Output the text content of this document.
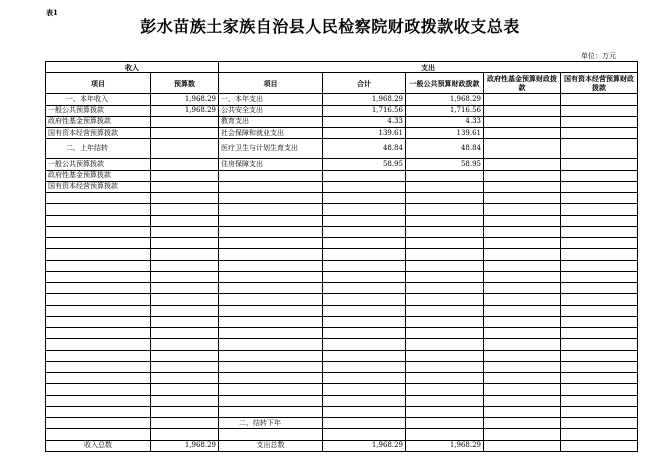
表1
彭水苗族土家族自治县人民检察院财政拨款收支总表
单位：万元
收入		支出				
项目	预算数	项目	合计	一般公共预算财政拨款	政府性基金预算财政拨款	国有资本经营预算财政拨款
一、本年收入	1,968.29	一、本年支出	1,968.29	1,968.29		
一般公共预算拨款	1,968.29	公共安全支出	1,716.56	1,716.56		
政府性基金预算拨款		教育支出	4.33	4.33		
国有资本经营预算拨款		社会保障和就业支出	139.61	139.61		
二、上年结转		医疗卫生与计划生育支出	48.84	48.84		
一般公共预算拨款		住房保障支出	58.95	58.95		
政府性基金预算拨款						
国有资本经营预算拨款						

		二、结转下年				

收入总数	1,968.29	支出总数	1,968.29	1,968.29		
